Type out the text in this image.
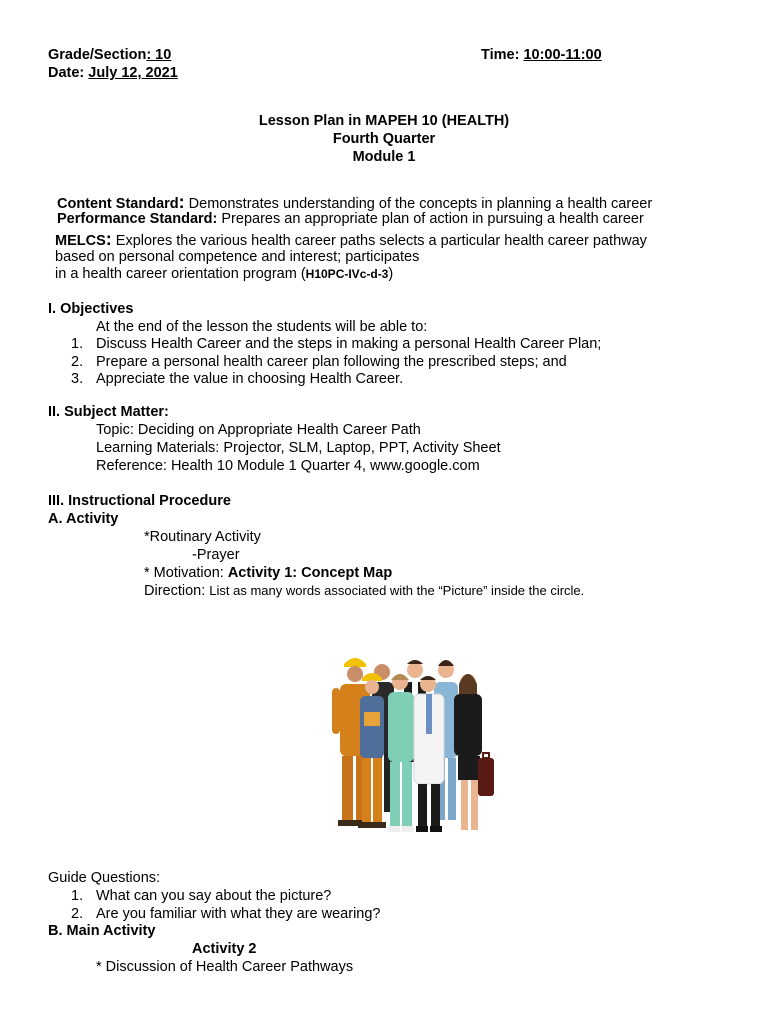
Grade/Section: 10	Time: 10:00-11:00
Date: July 12, 2021
Lesson Plan in MAPEH 10 (HEALTH)
Fourth Quarter
Module 1
Content Standard: Demonstrates understanding of the concepts in planning a health career
Performance Standard: Prepares an appropriate plan of action in pursuing a health career
MELCS: Explores the various health career paths selects a particular health career pathway
based on personal competence and interest; participates
in a health career orientation program (H10PC-IVc-d-3)
I. Objectives
At the end of the lesson the students will be able to:
1. Discuss Health Career and the steps in making a personal Health Career Plan;
2. Prepare a personal health career plan following the prescribed steps; and
3. Appreciate the value in choosing Health Career.
II. Subject Matter:
Topic: Deciding on Appropriate Health Career Path
Learning Materials: Projector, SLM, Laptop, PPT, Activity Sheet
Reference: Health 10 Module 1 Quarter 4, www.google.com
III. Instructional Procedure
A. Activity
*Routinary Activity
-Prayer
* Motivation: Activity 1: Concept Map
Direction: List as many words associated with the “Picture” inside the circle.
Guide Questions:
1. What can you say about the picture?
2. Are you familiar with what they are wearing?
B. Main Activity
Activity 2
* Discussion of Health Career Pathways
